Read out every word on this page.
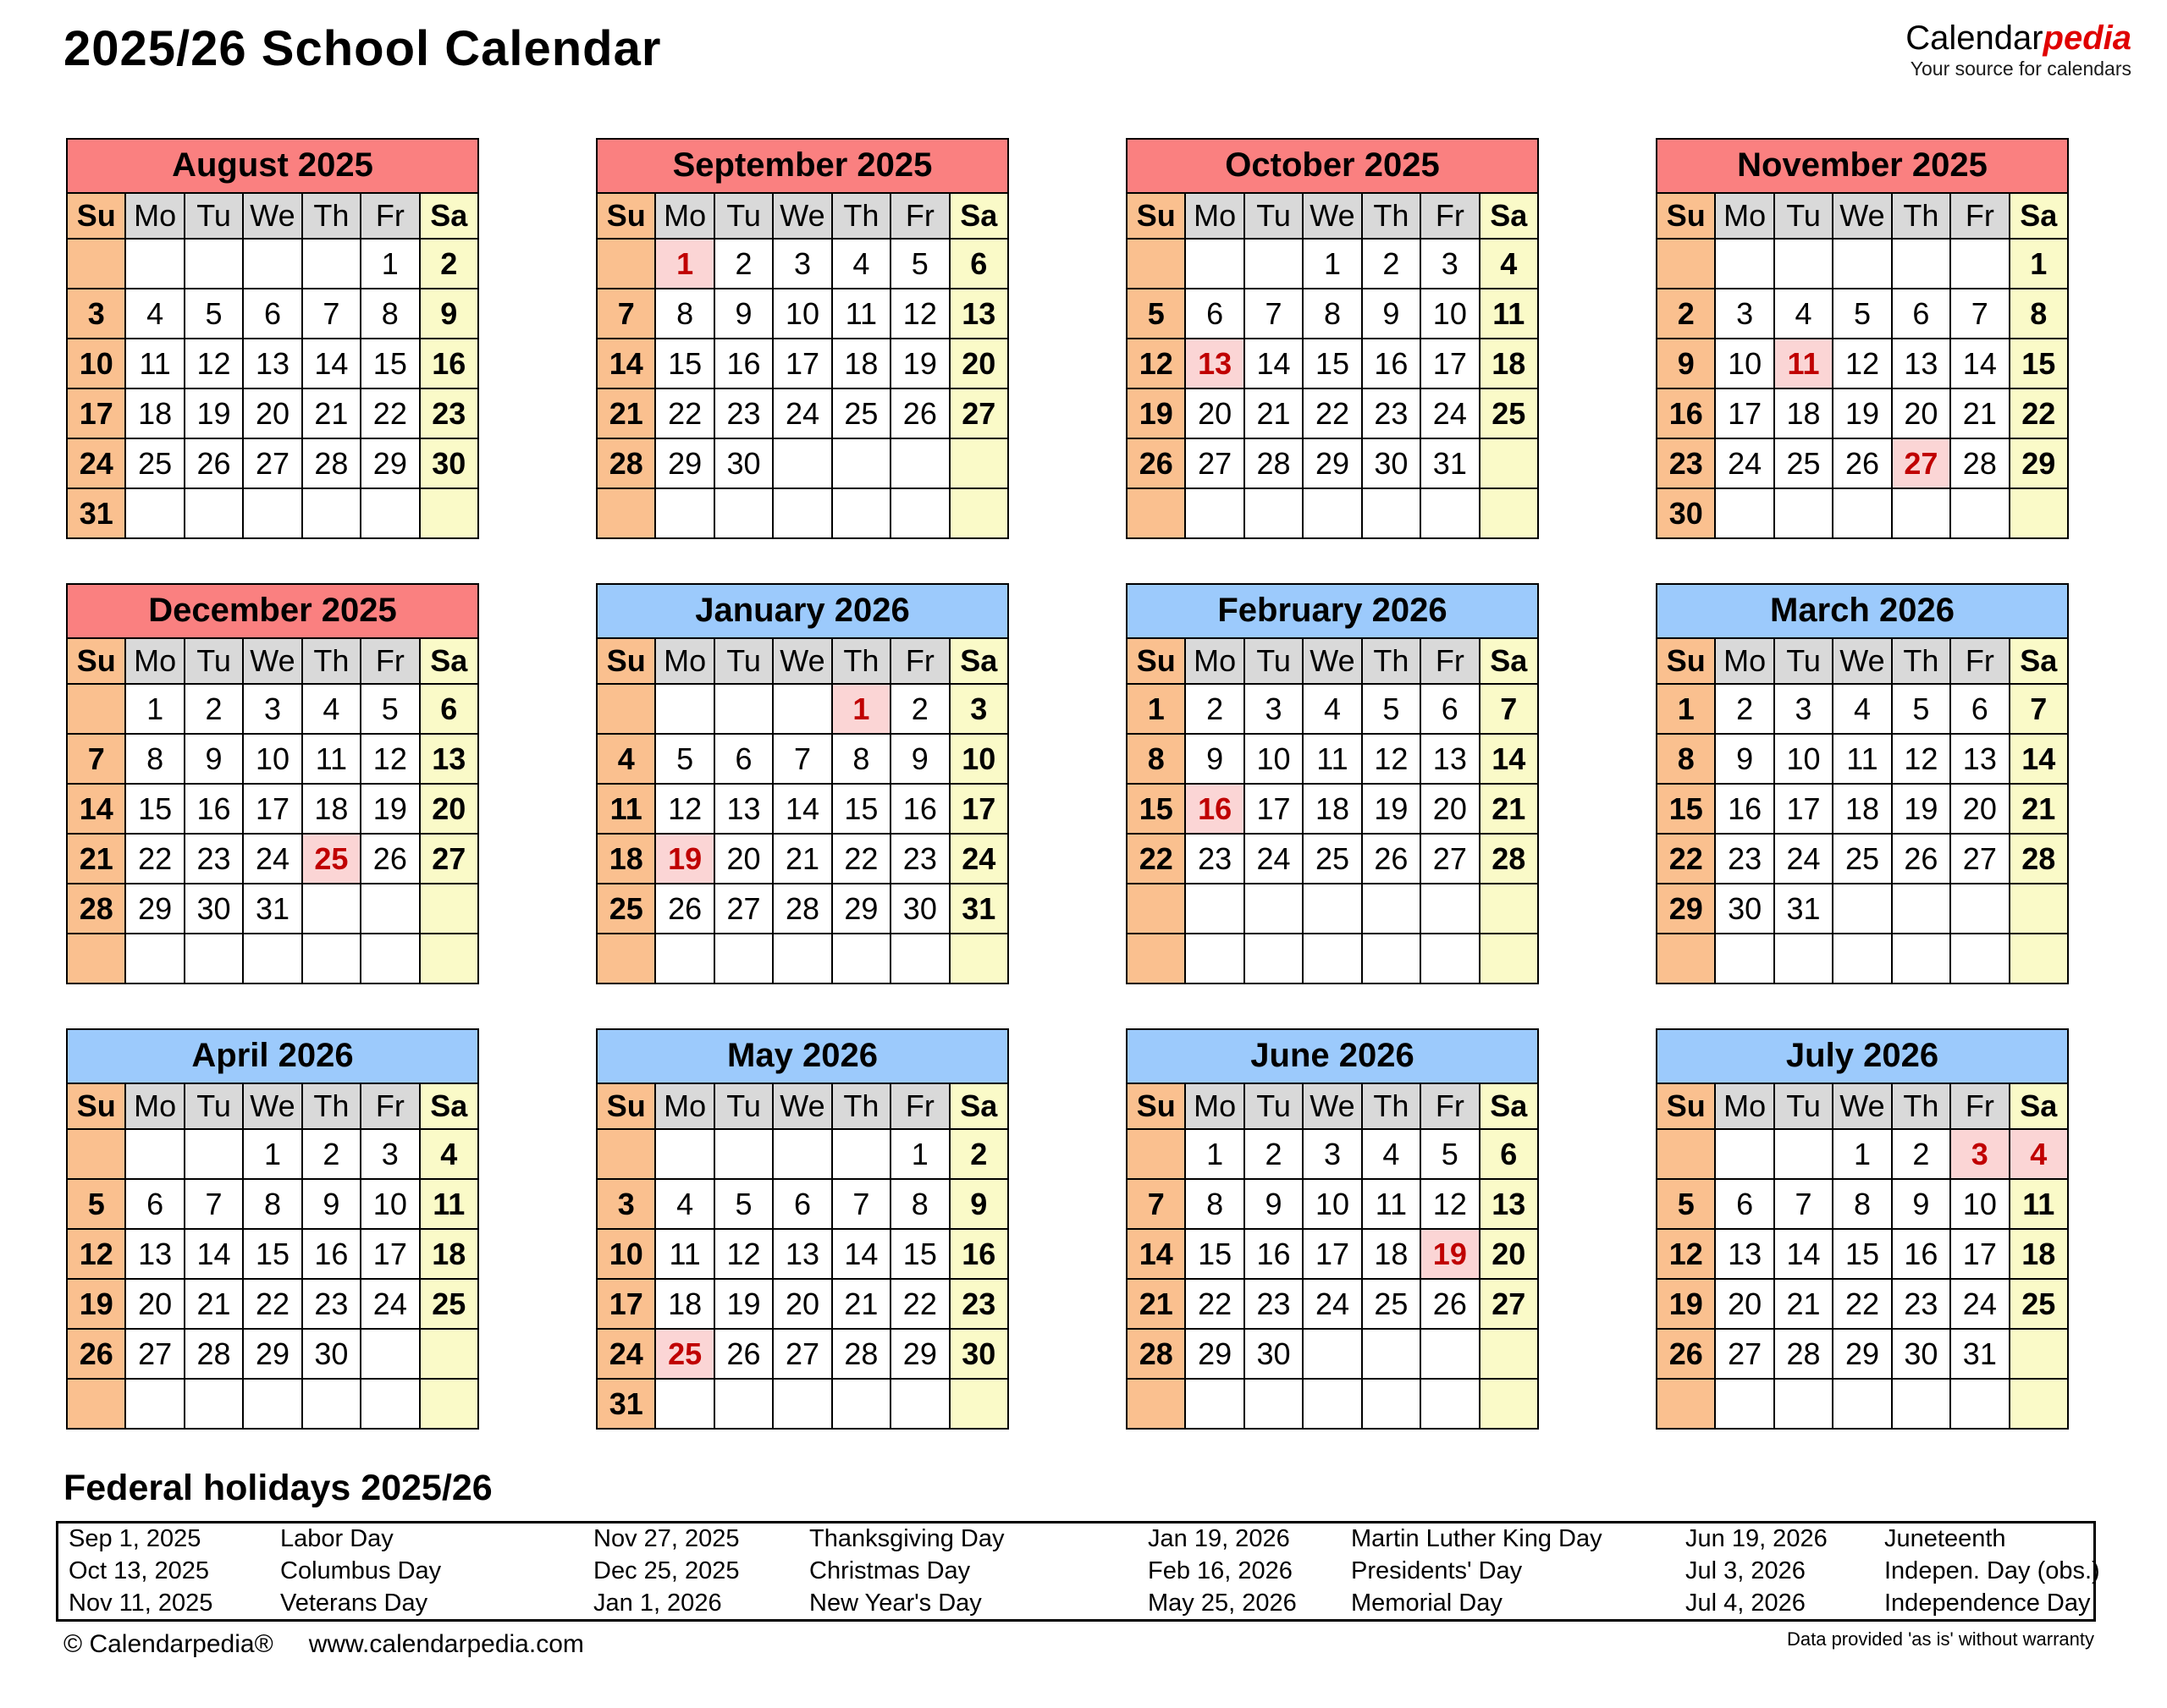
2025/26 School Calendar	Calendarpedia
Your source for calendars
August 2025
Su	Mo	Tu	We	Th	Fr	Sa
					1	2
3	4	5	6	7	8	9
10	11	12	13	14	15	16
17	18	19	20	21	22	23
24	25	26	27	28	29	30
31						
September 2025
Su	Mo	Tu	We	Th	Fr	Sa
	1	2	3	4	5	6
7	8	9	10	11	12	13
14	15	16	17	18	19	20
21	22	23	24	25	26	27
28	29	30				

October 2025
Su	Mo	Tu	We	Th	Fr	Sa
			1	2	3	4
5	6	7	8	9	10	11
12	13	14	15	16	17	18
19	20	21	22	23	24	25
26	27	28	29	30	31	

November 2025
Su	Mo	Tu	We	Th	Fr	Sa
						1
2	3	4	5	6	7	8
9	10	11	12	13	14	15
16	17	18	19	20	21	22
23	24	25	26	27	28	29
30						
December 2025
Su	Mo	Tu	We	Th	Fr	Sa
	1	2	3	4	5	6
7	8	9	10	11	12	13
14	15	16	17	18	19	20
21	22	23	24	25	26	27
28	29	30	31			

January 2026
Su	Mo	Tu	We	Th	Fr	Sa
				1	2	3
4	5	6	7	8	9	10
11	12	13	14	15	16	17
18	19	20	21	22	23	24
25	26	27	28	29	30	31

February 2026
Su	Mo	Tu	We	Th	Fr	Sa
1	2	3	4	5	6	7
8	9	10	11	12	13	14
15	16	17	18	19	20	21
22	23	24	25	26	27	28

March 2026
Su	Mo	Tu	We	Th	Fr	Sa
1	2	3	4	5	6	7
8	9	10	11	12	13	14
15	16	17	18	19	20	21
22	23	24	25	26	27	28
29	30	31				

April 2026
Su	Mo	Tu	We	Th	Fr	Sa
			1	2	3	4
5	6	7	8	9	10	11
12	13	14	15	16	17	18
19	20	21	22	23	24	25
26	27	28	29	30		

May 2026
Su	Mo	Tu	We	Th	Fr	Sa
					1	2
3	4	5	6	7	8	9
10	11	12	13	14	15	16
17	18	19	20	21	22	23
24	25	26	27	28	29	30
31						
June 2026
Su	Mo	Tu	We	Th	Fr	Sa
	1	2	3	4	5	6
7	8	9	10	11	12	13
14	15	16	17	18	19	20
21	22	23	24	25	26	27
28	29	30				

July 2026
Su	Mo	Tu	We	Th	Fr	Sa
			1	2	3	4
5	6	7	8	9	10	11
12	13	14	15	16	17	18
19	20	21	22	23	24	25
26	27	28	29	30	31	

Federal holidays 2025/26
Sep 1, 2025	Labor Day	Nov 27, 2025	Thanksgiving Day	Jan 19, 2026	Martin Luther King Day	Jun 19, 2026	Juneteenth
Oct 13, 2025	Columbus Day	Dec 25, 2025	Christmas Day	Feb 16, 2026	Presidents' Day	Jul 3, 2026	Indepen. Day (obs.)
Nov 11, 2025	Veterans Day	Jan 1, 2026	New Year's Day	May 25, 2026	Memorial Day	Jul 4, 2026	Independence Day
© Calendarpedia® www.calendarpedia.com	Data provided 'as is' without warranty
